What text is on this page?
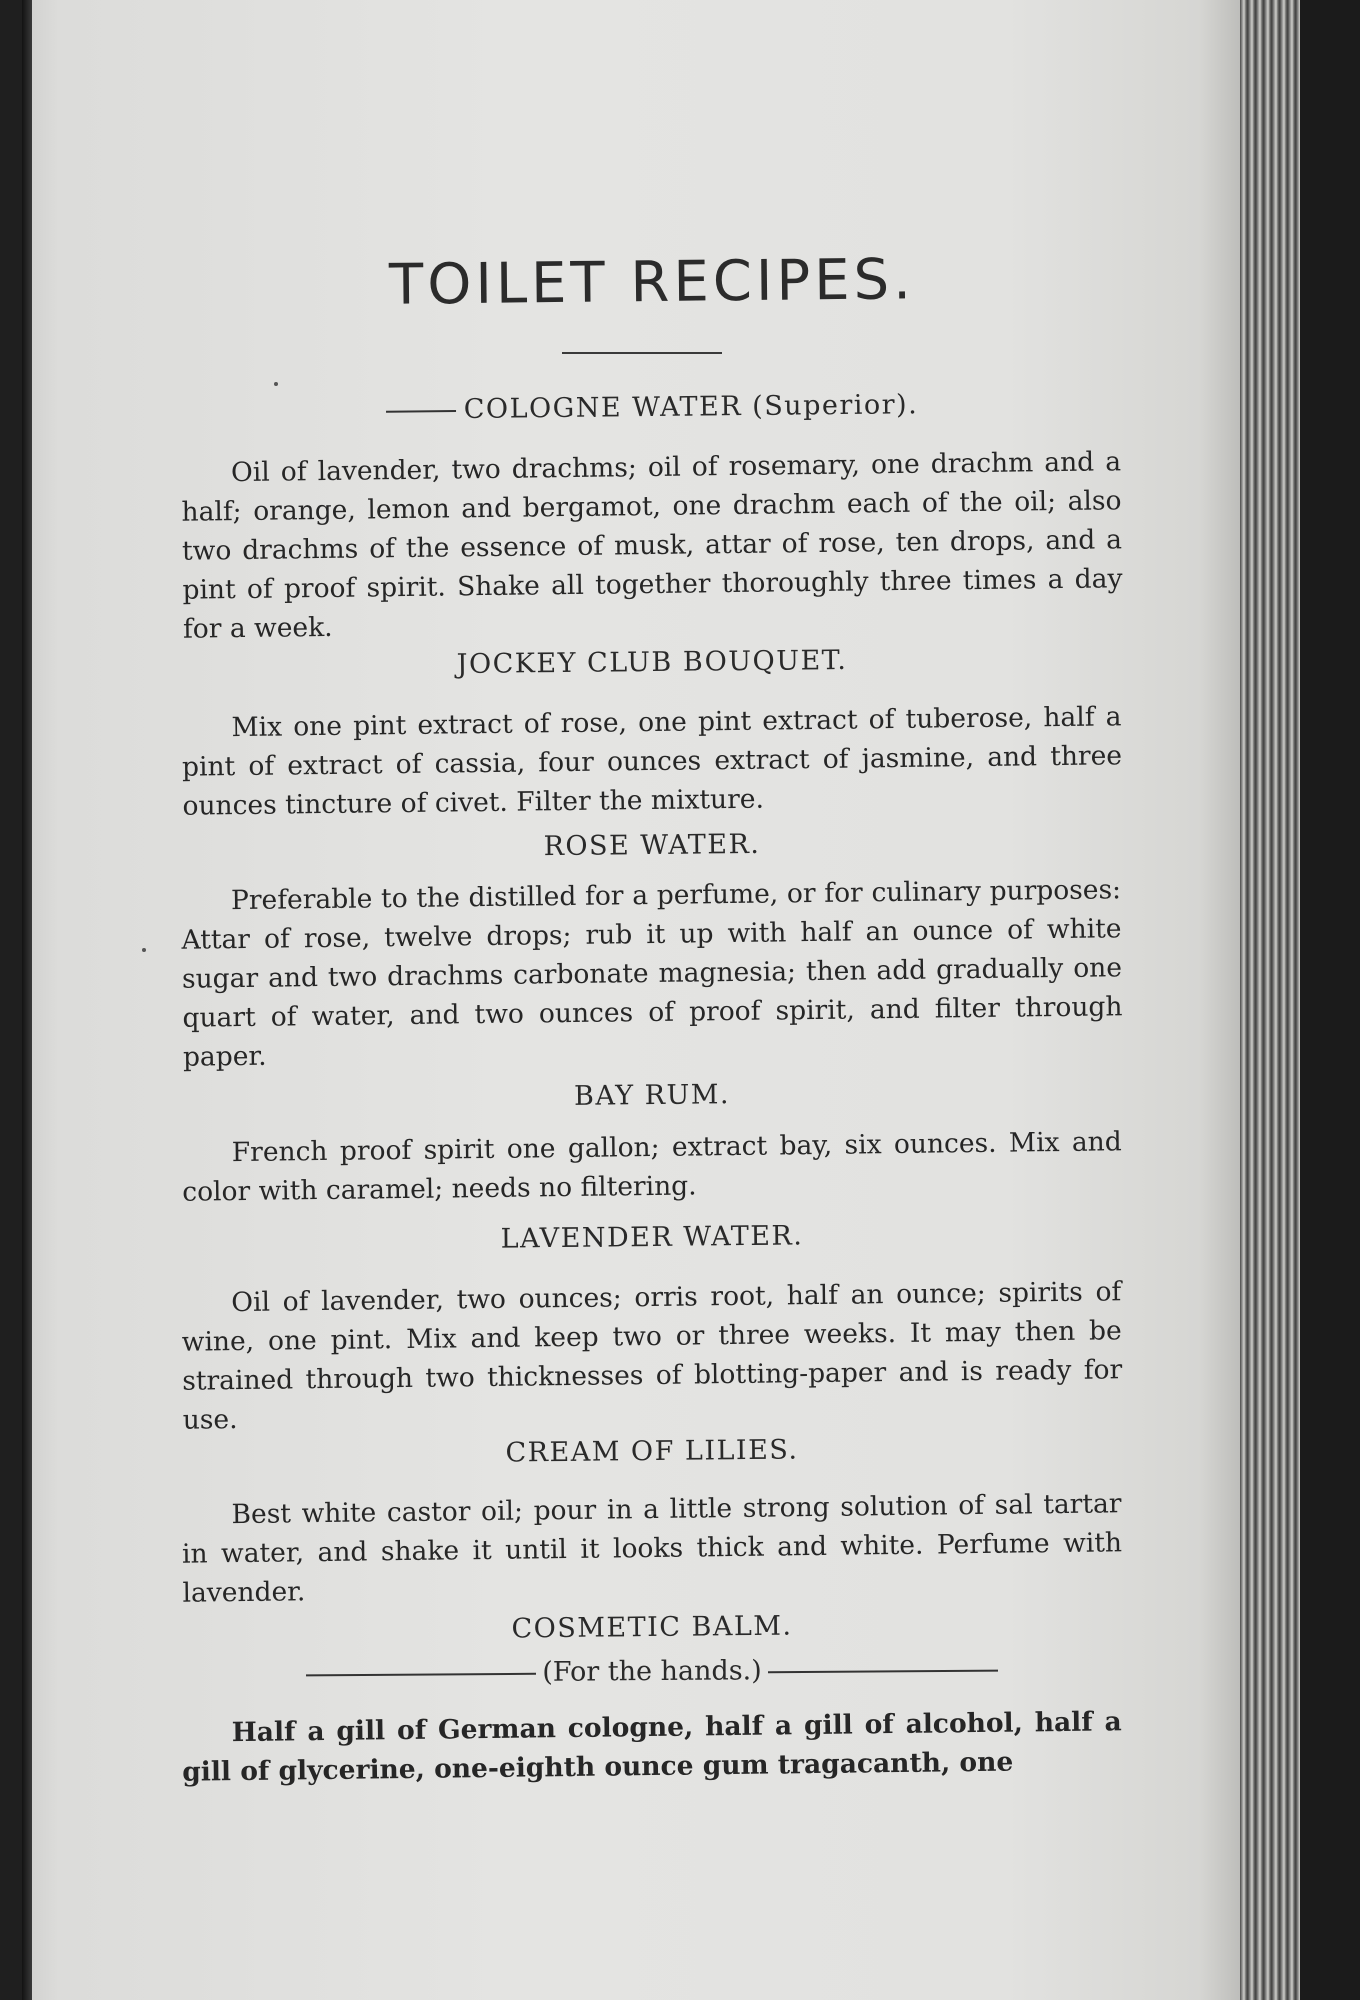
TOILET RECIPES.
COLOGNE WATER (Superior).

Oil of lavender, two drachms; oil of rosemary, one drachm and a half; orange, lemon and bergamot, one drachm each of the oil; also two drachms of the essence of musk, attar of rose, ten drops, and a pint of proof spirit. Shake all together thoroughly three times a day for a week.

JOCKEY CLUB BOUQUET.

Mix one pint extract of rose, one pint extract of tuberose, half a pint of extract of cassia, four ounces extract of jasmine, and three ounces tincture of civet. Filter the mixture.

ROSE WATER.

Preferable to the distilled for a perfume, or for culinary purposes: Attar of rose, twelve drops; rub it up with half an ounce of white sugar and two drachms carbonate magnesia; then add gradually one quart of water, and two ounces of proof spirit, and filter through paper.

BAY RUM.

French proof spirit one gallon; extract bay, six ounces. Mix and color with caramel; needs no filtering.

LAVENDER WATER.

Oil of lavender, two ounces; orris root, half an ounce; spirits of wine, one pint. Mix and keep two or three weeks. It may then be strained through two thicknesses of blotting-paper and is ready for use.

CREAM OF LILIES.

Best white castor oil; pour in a little strong solution of sal tartar in water, and shake it until it looks thick and white. Perfume with lavender.

COSMETIC BALM.
(For the hands.)

Half a gill of German cologne, half a gill of alcohol, half a gill of glycerine, one-eighth ounce gum tragacanth, one
